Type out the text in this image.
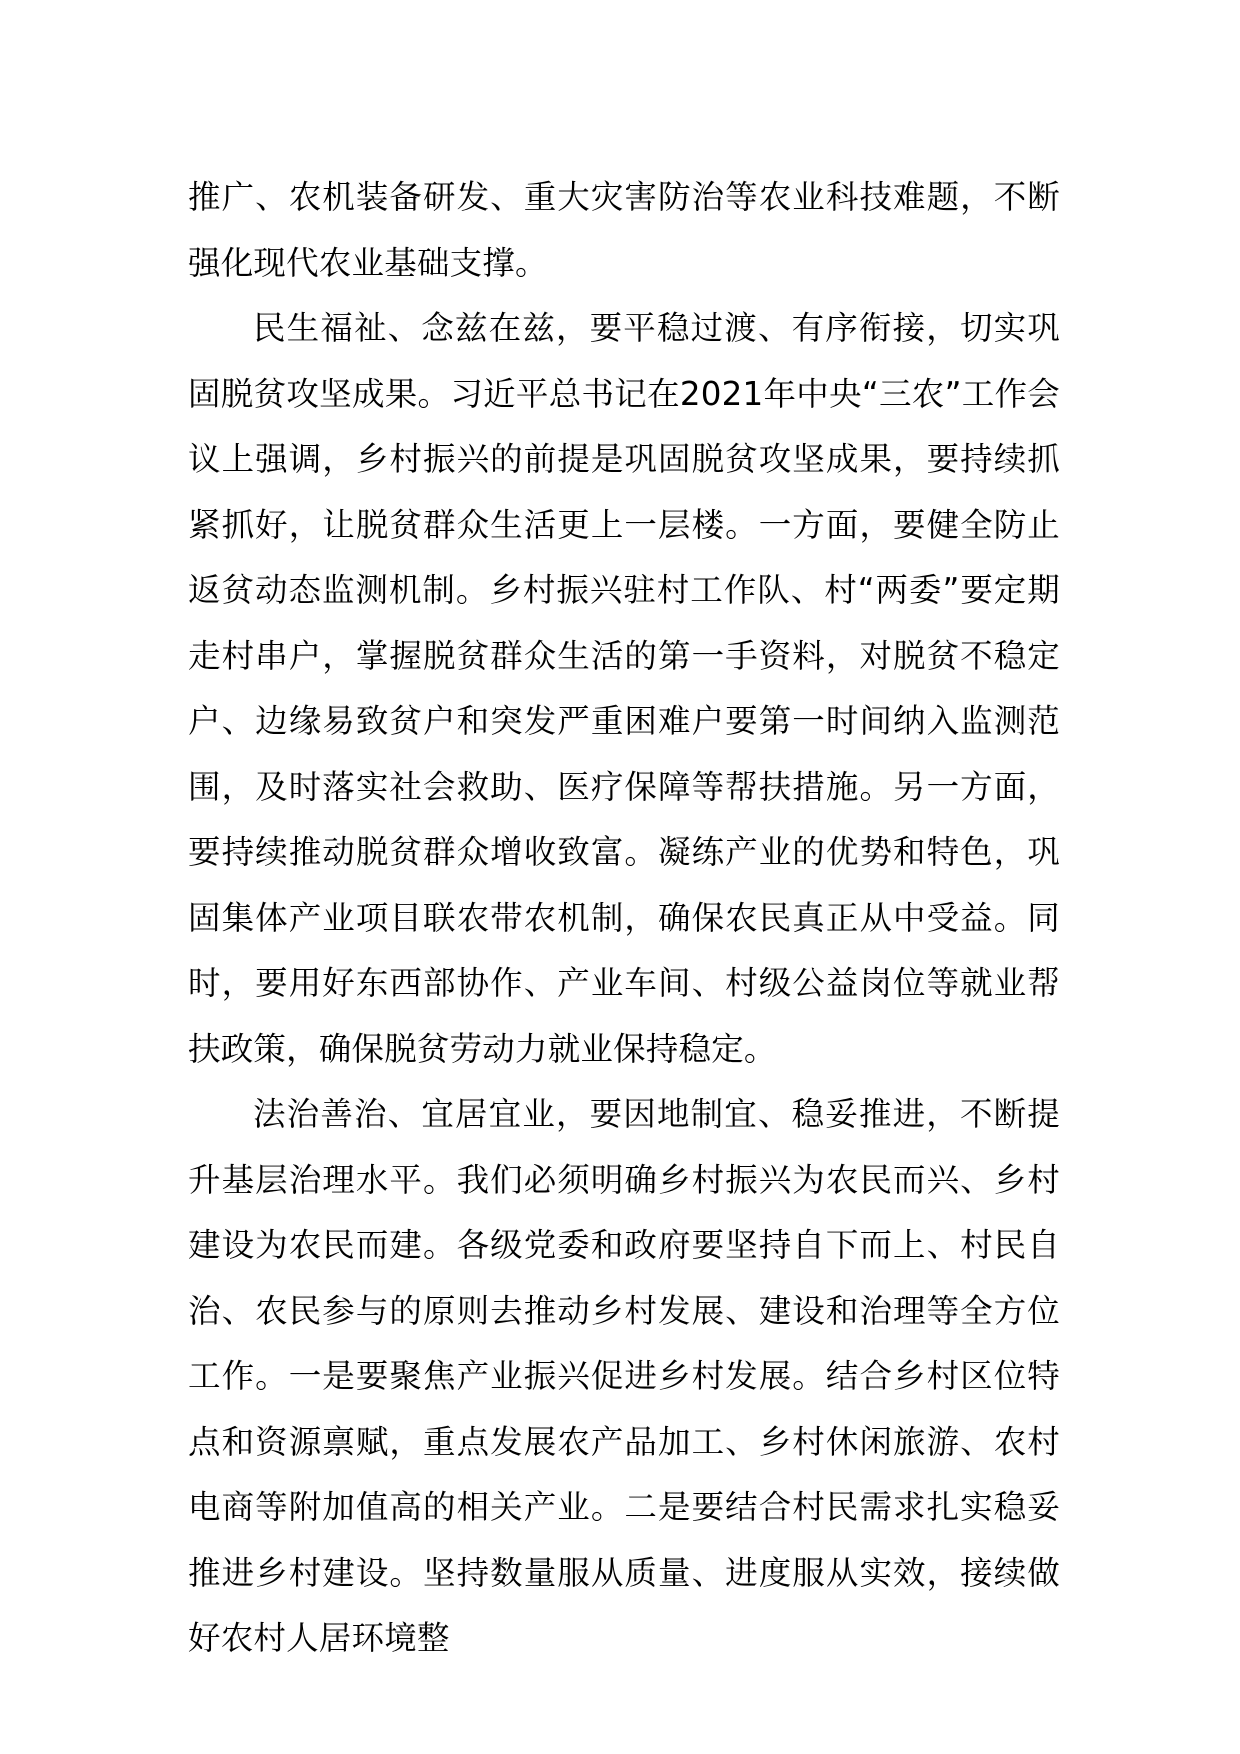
推广、农机装备研发、重大灾害防治等农业科技难题，不断强化现代农业基础支撑。

民生福祉、念兹在兹，要平稳过渡、有序衔接，切实巩固脱贫攻坚成果。习近平总书记在2021年中央“三农”工作会议上强调，乡村振兴的前提是巩固脱贫攻坚成果，要持续抓紧抓好，让脱贫群众生活更上一层楼。一方面，要健全防止返贫动态监测机制。乡村振兴驻村工作队、村“两委”要定期走村串户，掌握脱贫群众生活的第一手资料，对脱贫不稳定户、边缘易致贫户和突发严重困难户要第一时间纳入监测范围，及时落实社会救助、医疗保障等帮扶措施。另一方面，要持续推动脱贫群众增收致富。凝练产业的优势和特色，巩固集体产业项目联农带农机制，确保农民真正从中受益。同时，要用好东西部协作、产业车间、村级公益岗位等就业帮扶政策，确保脱贫劳动力就业保持稳定。

法治善治、宜居宜业，要因地制宜、稳妥推进，不断提升基层治理水平。我们必须明确乡村振兴为农民而兴、乡村建设为农民而建。各级党委和政府要坚持自下而上、村民自治、农民参与的原则去推动乡村发展、建设和治理等全方位工作。一是要聚焦产业振兴促进乡村发展。结合乡村区位特点和资源禀赋，重点发展农产品加工、乡村休闲旅游、农村电商等附加值高的相关产业。二是要结合村民需求扎实稳妥推进乡村建设。坚持数量服从质量、进度服从实效，接续做好农村人居环境整
